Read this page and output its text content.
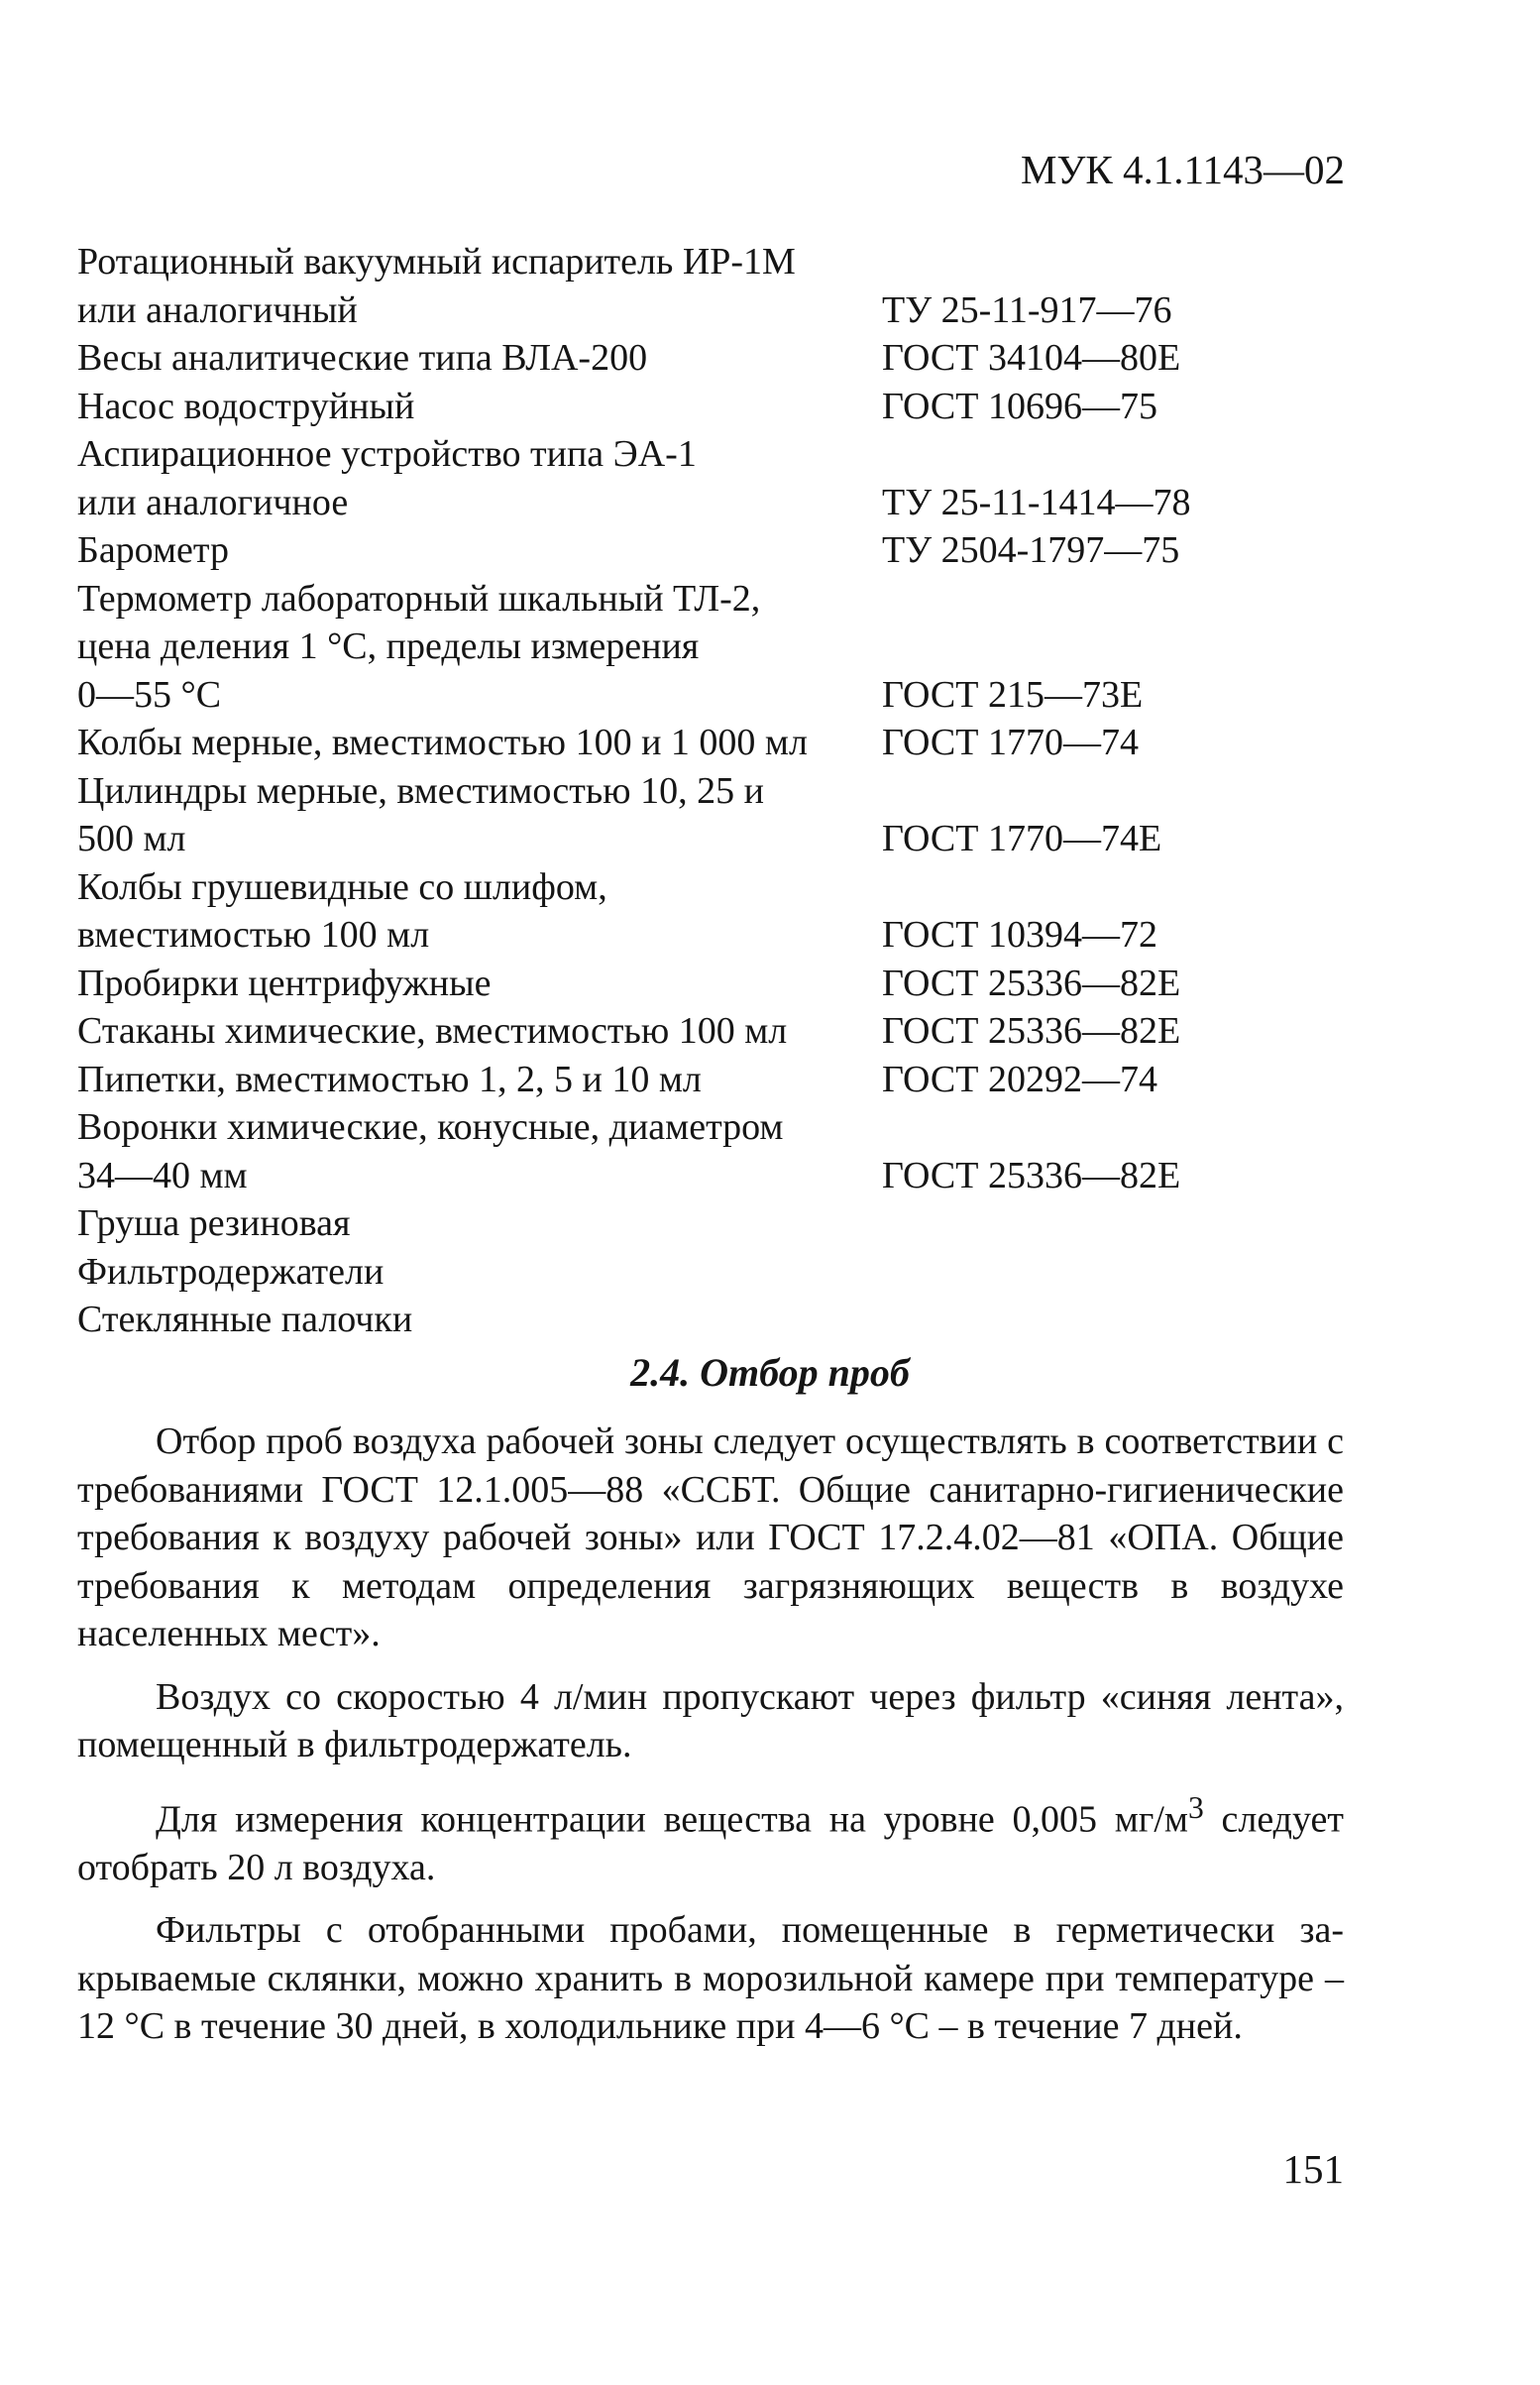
МУК 4.1.1143—02
Ротационный вакуумный испаритель ИР-1М
или аналогичный	ТУ 25-11-917—76
Весы аналитические типа ВЛА-200	ГОСТ 34104—80Е
Насос водоструйный	ГОСТ 10696—75
Аспирационное устройство типа ЭА-1
или аналогичное	ТУ 25-11-1414—78
Барометр	ТУ 2504-1797—75
Термометр лабораторный шкальный ТЛ-2,
цена деления 1 °С, пределы измерения
0—55 °С	ГОСТ 215—73Е
Колбы мерные, вместимостью 100 и 1 000 мл	ГОСТ 1770—74
Цилиндры мерные, вместимостью 10, 25 и
500 мл	ГОСТ 1770—74Е
Колбы грушевидные со шлифом,
вместимостью 100 мл	ГОСТ 10394—72
Пробирки центрифужные	ГОСТ 25336—82Е
Стаканы химические, вместимостью 100 мл	ГОСТ 25336—82Е
Пипетки, вместимостью 1, 2, 5 и 10 мл	ГОСТ 20292—74
Воронки химические, конусные, диаметром
34—40 мм	ГОСТ 25336—82Е
Груша резиновая
Фильтродержатели
Стеклянные палочки
2.4. Отбор проб

Отбор проб воздуха рабочей зоны следует осуществлять в соответствии с требованиями ГОСТ 12.1.005—88 «ССБТ. Общие санитарно-гигиенические требования к воздуху рабочей зоны» или ГОСТ 17.2.4.02—81 «ОПА. Общие требования к методам определения загрязняющих веществ в воздухе населенных мест».

Воздух со скоростью 4 л/мин пропускают через фильтр «синяя лента», помещенный в фильтродержатель.

Для измерения концентрации вещества на уровне 0,005 $мг/м^3$ следует отобрать 20 л воздуха.

Фильтры с отобранными пробами, помещенные в герметически закрываемые склянки, можно хранить в морозильной камере при температуре –12 °С в течение 30 дней, в холодильнике при 4—6 °С – в течение 7 дней.

151
